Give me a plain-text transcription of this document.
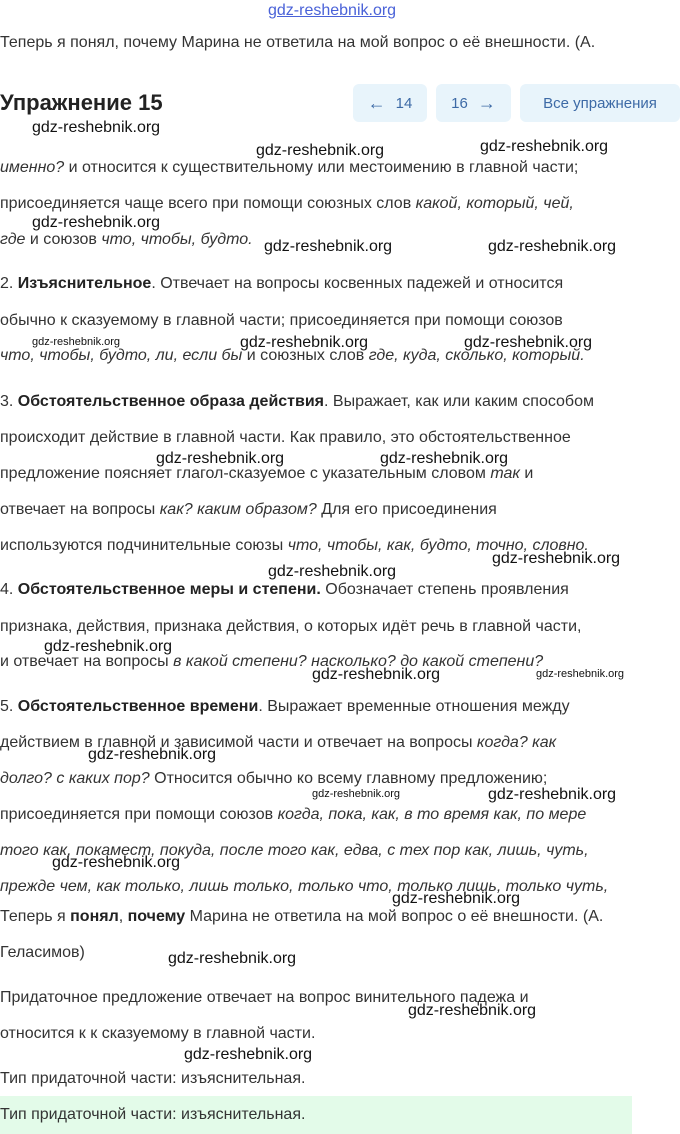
gdz-reshebnik.org
Теперь я понял, почему Марина не ответила на мой вопрос о её внешности. (А.
Упражнение 15	← 14	16 →	Все упражнения
именно? и относится к существительному или местоимению в главной части;
присоединяется чаще всего при помощи союзных слов какой, который, чей,
где и союзов что, чтобы, будто.
2. Изъяснительное. Отвечает на вопросы косвенных падежей и относится
обычно к сказуемому в главной части; присоединяется при помощи союзов
что, чтобы, будто, ли, если бы и союзных слов где, куда, сколько, который.
3. Обстоятельственное образа действия. Выражает, как или каким способом
происходит действие в главной части. Как правило, это обстоятельственное
предложение поясняет глагол-сказуемое с указательным словом так и
отвечает на вопросы как? каким образом? Для его присоединения
используются подчинительные союзы что, чтобы, как, будто, точно, словно.
4. Обстоятельственное меры и степени. Обозначает степень проявления
признака, действия, признака действия, о которых идёт речь в главной части,
и отвечает на вопросы в какой степени? насколько? до какой степени?
5. Обстоятельственное времени. Выражает временные отношения между
действием в главной и зависимой части и отвечает на вопросы когда? как
долго? с каких пор? Относится обычно ко всему главному предложению;
присоединяется при помощи союзов когда, пока, как, в то время как, по мере
того как, покамест, покуда, после того как, едва, с тех пор как, лишь, чуть,
прежде чем, как только, лишь только, только что, только лишь, только чуть,
Теперь я понял, почему Марина не ответила на мой вопрос о её внешности. (А.
Геласимов)
Придаточное предложение отвечает на вопрос винительного падежа и
относится к к сказуемому в главной части.
Тип придаточной части: изъяснительная.
Тип придаточной части: изъяснительная.
gdz-reshebnik.org
gdz-reshebnik.org
gdz-reshebnik.org
gdz-reshebnik.org
gdz-reshebnik.org	gdz-reshebnik.org
gdz-reshebnik.org	gdz-reshebnik.org	gdz-reshebnik.org
gdz-reshebnik.org	gdz-reshebnik.org
gdz-reshebnik.org
gdz-reshebnik.org
gdz-reshebnik.org
gdz-reshebnik.org	gdz-reshebnik.org
gdz-reshebnik.org
gdz-reshebnik.org	gdz-reshebnik.org
gdz-reshebnik.org
gdz-reshebnik.org
gdz-reshebnik.org
gdz-reshebnik.org
gdz-reshebnik.org
